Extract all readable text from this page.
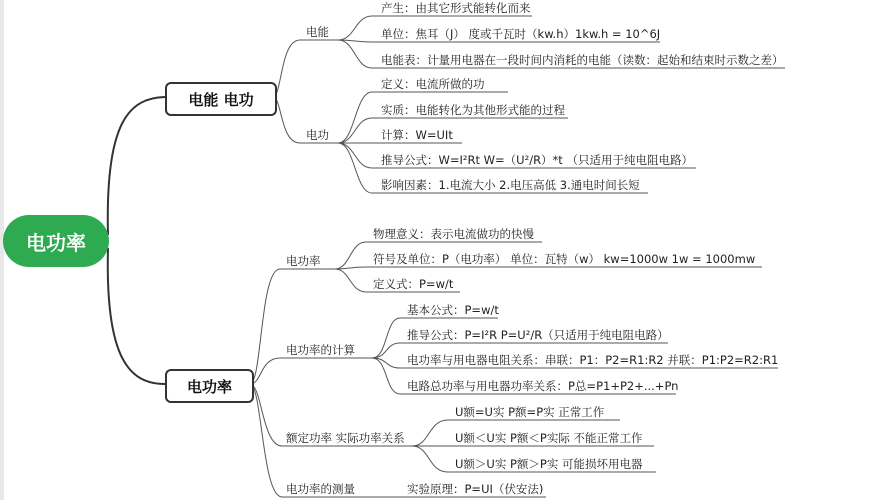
电功率
电能 电功
电功率
电能
电功
产生：由其它形式能转化而来
单位：焦耳（J） 度或千瓦时（kw.h）1kw.h = 10^6J
电能表：计量用电器在一段时间内消耗的电能（读数：起始和结束时示数之差）
定义：电流所做的功
实质：电能转化为其他形式能的过程
计算：W=UIt
推导公式：W=I²Rt W=（U²/R）*t （只适用于纯电阻电路）
影响因素：1.电流大小 2.电压高低 3.通电时间长短
电功率
电功率的计算
额定功率 实际功率关系
电功率的测量
物理意义：表示电流做功的快慢
符号及单位：P（电功率） 单位：瓦特（w） kw=1000w 1w = 1000mw
定义式：P=w/t
基本公式：P=w/t
推导公式：P=I²R P=U²/R（只适用于纯电阻电路）
电功率与用电器电阻关系：串联：P1：P2=R1:R2 并联：P1:P2=R2:R1
电路总功率与用电器功率关系：P总=P1+P2+...+Pn
U额=U实 P额=P实 正常工作
U额＜U实 P额＜P实际 不能正常工作
U额＞U实 P额＞P实 可能损坏用电器
实验原理：P=UI（伏安法)
